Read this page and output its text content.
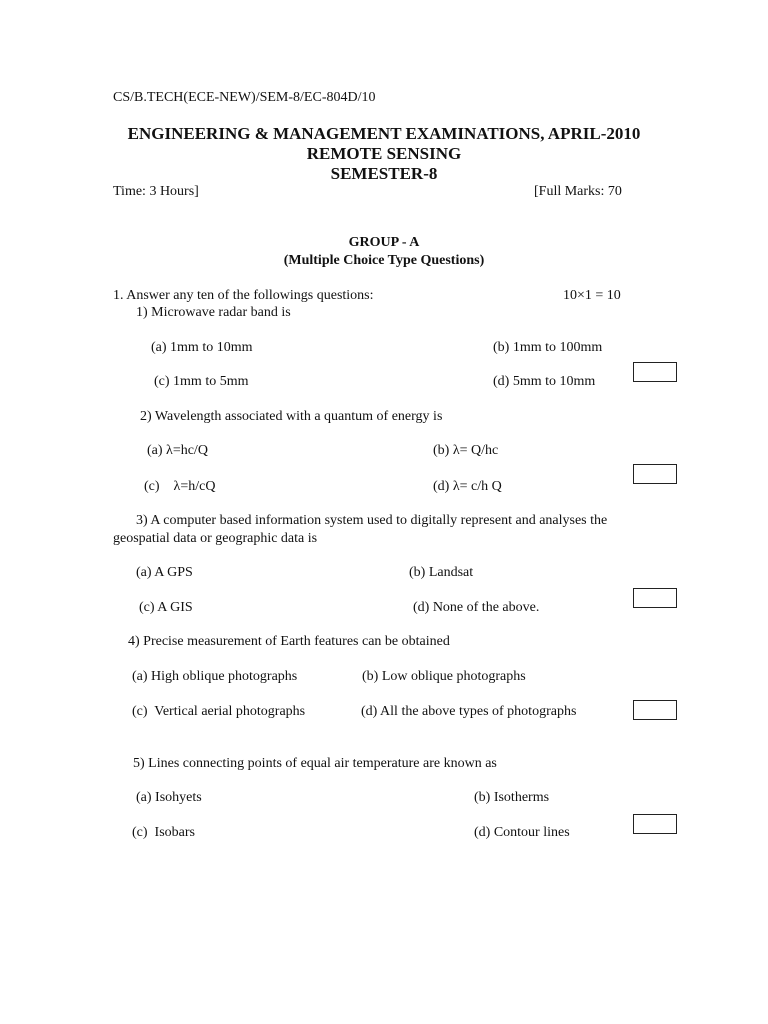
CS/B.TECH(ECE-NEW)/SEM-8/EC-804D/10
ENGINEERING & MANAGEMENT EXAMINATIONS, APRIL-2010
REMOTE SENSING
SEMESTER-8
Time: 3 Hours]	[Full Marks: 70
GROUP - A
(Multiple Choice Type Questions)
1. Answer any ten of the followings questions:	10×1 = 10
1) Microwave radar band is
(a) 1mm to 10mm	(b) 1mm to 100mm
(c) 1mm to 5mm	(d) 5mm to 10mm
2) Wavelength associated with a quantum of energy is
(a) λ=hc/Q	(b) λ= Q/hc
(c)    λ=h/cQ	(d) λ= c/h Q
3) A computer based information system used to digitally represent and analyses the
geospatial data or geographic data is
(a) A GPS	(b) Landsat
(c) A GIS	(d) None of the above.
4) Precise measurement of Earth features can be obtained
(a) High oblique photographs	(b) Low oblique photographs
(c)  Vertical aerial photographs	(d) All the above types of photographs
5) Lines connecting points of equal air temperature are known as
(a) Isohyets	(b) Isotherms
(c)  Isobars	(d) Contour lines
